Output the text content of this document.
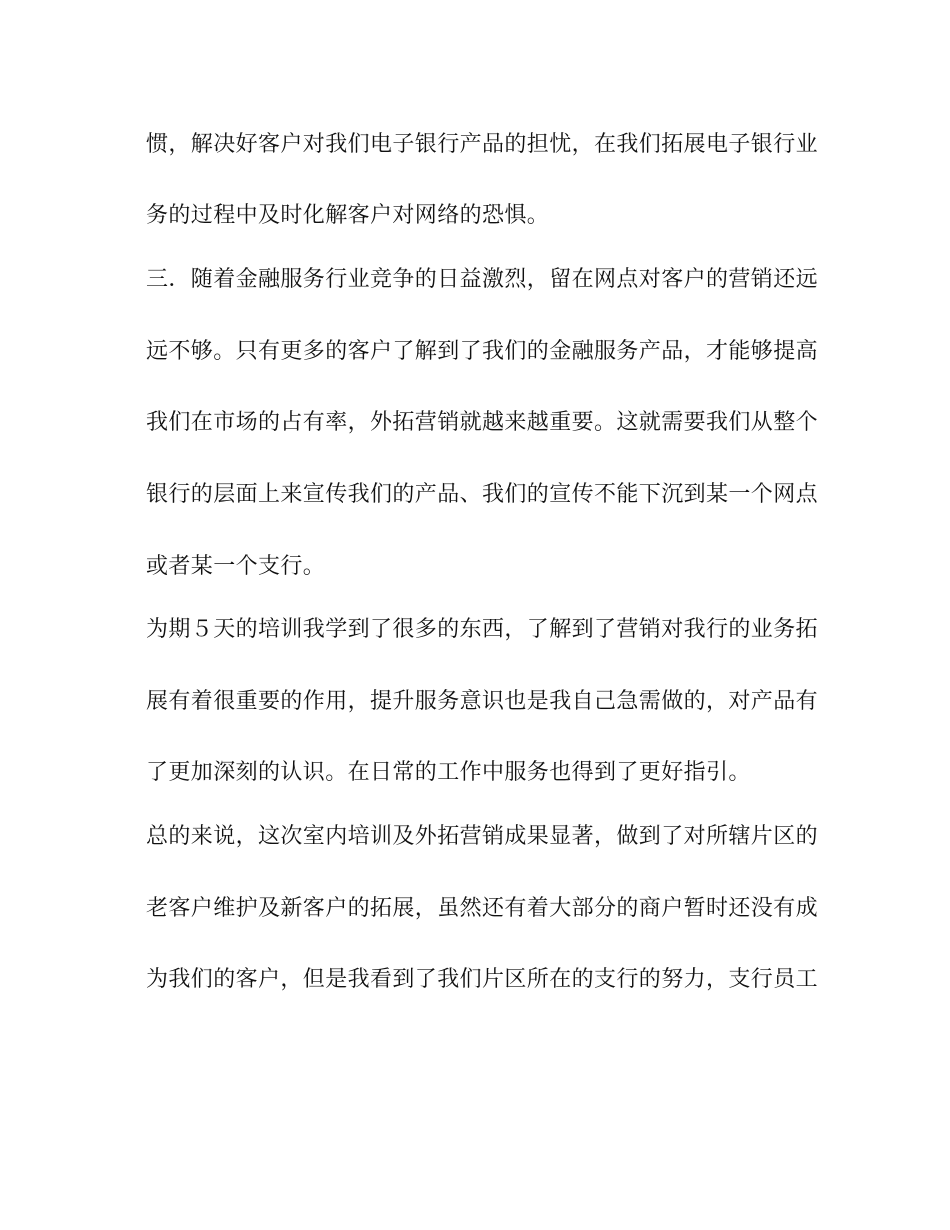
惯，解决好客户对我们电子银行产品的担忧，在我们拓展电子银行业
务的过程中及时化解客户对网络的恐惧。
三．随着金融服务行业竞争的日益激烈，留在网点对客户的营销还远
远不够。只有更多的客户了解到了我们的金融服务产品，才能够提高
我们在市场的占有率，外拓营销就越来越重要。这就需要我们从整个
银行的层面上来宣传我们的产品、我们的宣传不能下沉到某一个网点
或者某一个支行。
为期５天的培训我学到了很多的东西，了解到了营销对我行的业务拓
展有着很重要的作用，提升服务意识也是我自己急需做的，对产品有
了更加深刻的认识。在日常的工作中服务也得到了更好指引。
总的来说，这次室内培训及外拓营销成果显著，做到了对所辖片区的
老客户维护及新客户的拓展，虽然还有着大部分的商户暂时还没有成
为我们的客户，但是我看到了我们片区所在的支行的努力，支行员工
